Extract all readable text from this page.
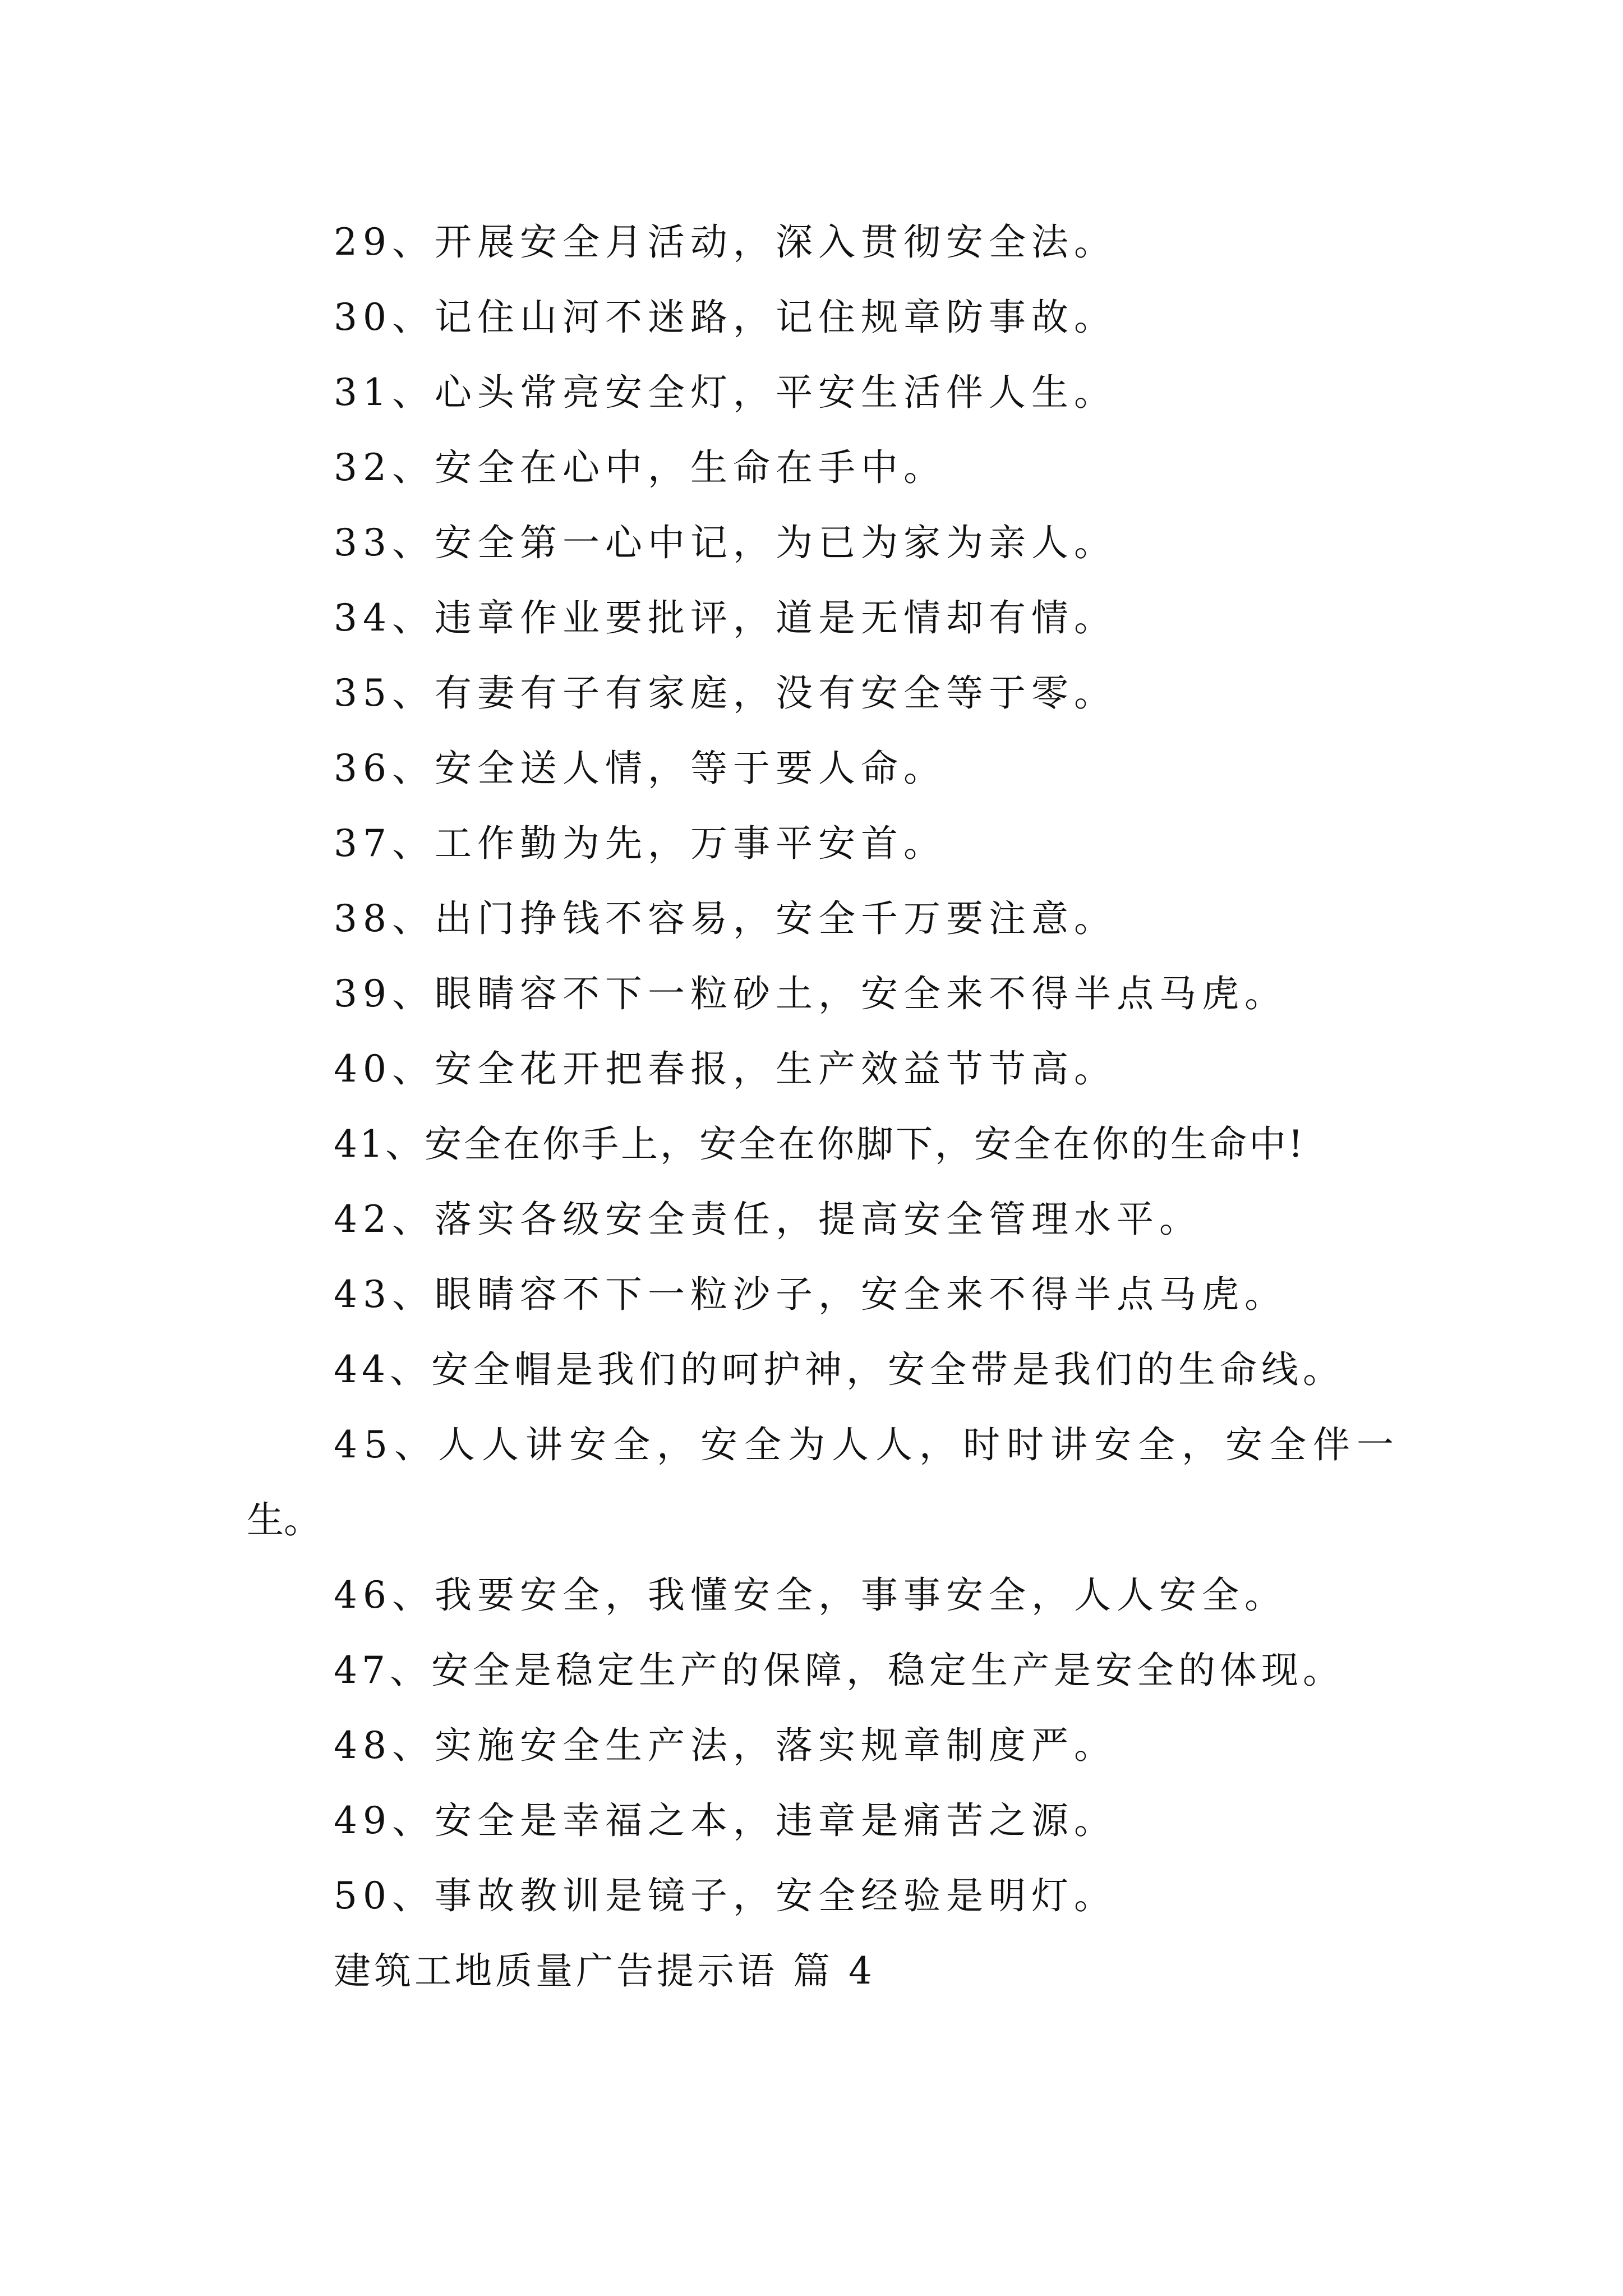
29、开展安全月活动，深入贯彻安全法。
30、记住山河不迷路，记住规章防事故。
31、心头常亮安全灯，平安生活伴人生。
32、安全在心中，生命在手中。
33、安全第一心中记，为已为家为亲人。
34、违章作业要批评，道是无情却有情。
35、有妻有子有家庭，没有安全等于零。
36、安全送人情，等于要人命。
37、工作勤为先，万事平安首。
38、出门挣钱不容易，安全千万要注意。
39、眼睛容不下一粒砂土，安全来不得半点马虎。
40、安全花开把春报，生产效益节节高。
41、安全在你手上，安全在你脚下，安全在你的生命中!
42、落实各级安全责任，提高安全管理水平。
43、眼睛容不下一粒沙子，安全来不得半点马虎。
44、安全帽是我们的呵护神，安全带是我们的生命线。
45、人人讲安全，安全为人人，时时讲安全，安全伴一
生。
46、我要安全，我懂安全，事事安全，人人安全。
47、安全是稳定生产的保障，稳定生产是安全的体现。
48、实施安全生产法，落实规章制度严。
49、安全是幸福之本，违章是痛苦之源。
50、事故教训是镜子，安全经验是明灯。
建筑工地质量广告提示语 篇 4
